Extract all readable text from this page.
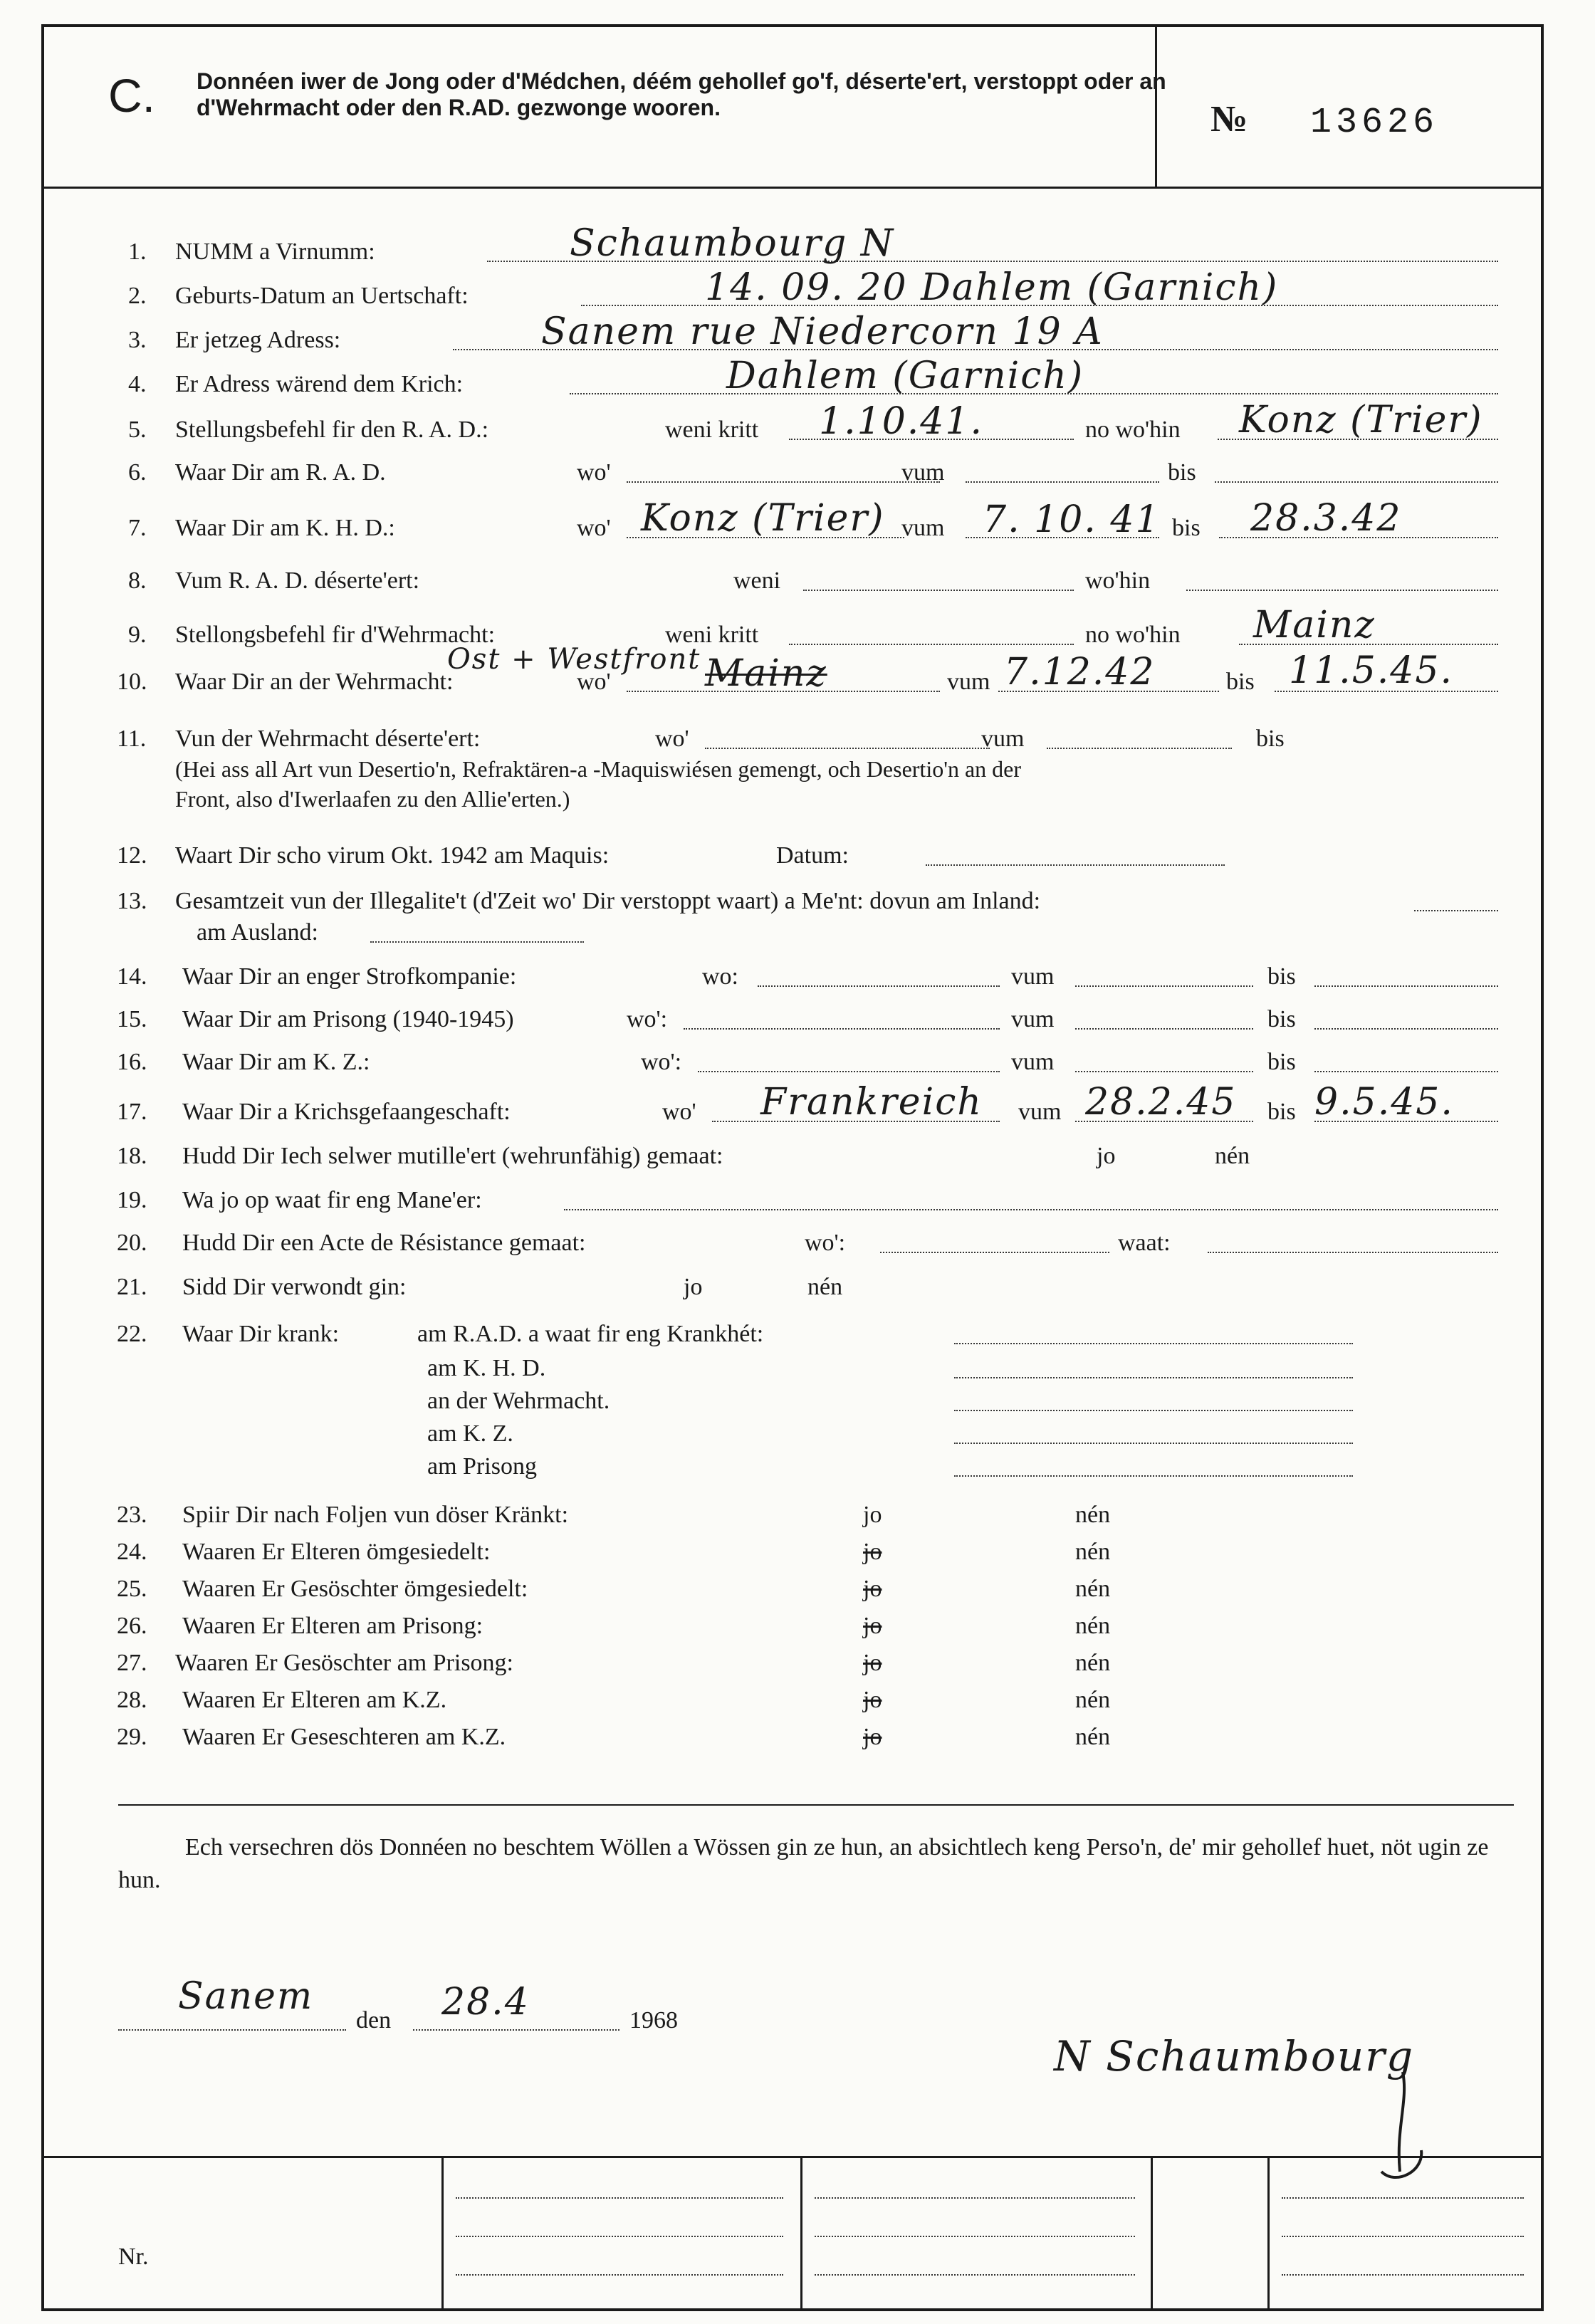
C. Donnéen iwer de Jong oder d'Médchen, déém gehollef go'f, déserte'ert, verstoppt oder an d'Wehrmacht oder den R.AD. gezwonge wooren.	№ 13626
1. NUMM a Virnumm:	Schaumbourg N
2. Geburts-Datum an Uertschaft:	14. 09. 20 Dahlem (Garnich)
3. Er jetzeg Adress:	Sanem rue Niedercorn 19 A
4. Er Adress wärend dem Krich:	Dahlem (Garnich)
5. Stellungsbefehl fir den R. A. D.:	weni kritt 1.10.41.	no wo'hin Konz (Trier)
6. Waar Dir am R. A. D.	wo'	vum	bis
7. Waar Dir am K. H. D.:	wo' Konz (Trier) vum 7. 10. 41 bis 28.3.42
8. Vum R. A. D. déserte'ert:	weni	wo'hin
9. Stellongsbefehl fir d'Wehrmacht:	weni kritt	no wo'hin Mainz
Ost + Westfront
10. Waar Dir an der Wehrmacht:	wo'	Mainz	vum 7.12.42	bis 11.5.45.
11. Vun der Wehrmacht déserte'ert:	wo'	vum	bis
(Hei ass all Art vun Desertio'n, Refraktären-a -Maquiswiésen gemengt, och Desertio'n an der
Front, also d'Iwerlaafen zu den Allie'erten.)
12. Waart Dir scho virum Okt. 1942 am Maquis:	Datum:
13. Gesamtzeit vun der Illegalite't (d'Zeit wo' Dir verstoppt waart) a Me'nt: dovun am Inland:
am Ausland:
14. Waar Dir an enger Strofkompanie:	wo:	vum	bis
15. Waar Dir am Prisong (1940-1945)	wo':	vum	bis
16. Waar Dir am K. Z.:	wo':	vum	bis
17. Waar Dir a Krichsgefaangeschaft:	wo' Frankreich vum 28.2.45 bis 9.5.45.
18. Hudd Dir Iech selwer mutille'ert (wehrunfähig) gemaat:	jo	nén
19. Wa jo op waat fir eng Mane'er:
20. Hudd Dir een Acte de Résistance gemaat:	wo':	waat:
21. Sidd Dir verwondt gin:	jo	nén
22. Waar Dir krank:	am R.A.D. a waat fir eng Krankhét:
am K. H. D.
an der Wehrmacht.
am K. Z.
am Prisong
23. Spiir Dir nach Foljen vun döser Kränkt:	jo	nén
24. Waaren Er Elteren ömgesiedelt:	jo	nén
25. Waaren Er Gesöschter ömgesiedelt:	jo	nén
26. Waaren Er Elteren am Prisong:	jo	nén
27. Waaren Er Gesöschter am Prisong:	jo	nén
28. Waaren Er Elteren am K.Z.	jo	nén
29. Waaren Er Geseschteren am K.Z.	jo	nén
Ech versechren dös Donnéen no beschtem Wöllen a Wössen gin ze hun, an absichtlech keng Perso'n, de' mir gehollef huet, nöt ugin ze hun.
Sanem
den 28.4	1968
N Schaumbourg
Nr.
